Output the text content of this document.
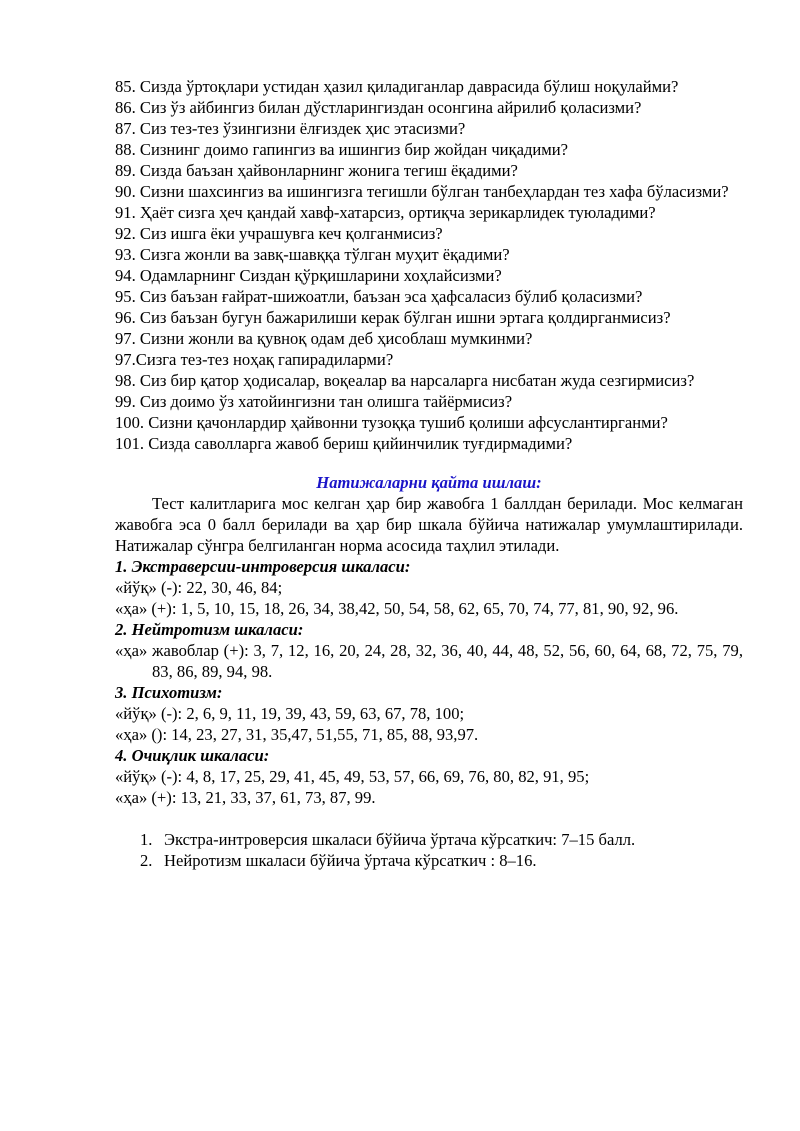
85. Сизда ўртоқлари устидан ҳазил қиладиганлар даврасида бўлиш ноқулайми?
86. Сиз ўз айбингиз билан дўстларингиздан осонгина айрилиб қоласизми?
87. Сиз тез-тез ўзингизни ёлғиздек ҳис этасизми?
88. Сизнинг доимо гапингиз ва ишингиз бир жойдан чиқадими?
89. Сизда баъзан ҳайвонларнинг жонига тегиш ёқадими?
90. Сизни шахсингиз ва ишингизга тегишли бўлган танбеҳлардан тез хафа бўласизми?
91. Ҳаёт сизга ҳеч қандай хавф-хатарсиз, ортиқча зерикарлидек туюладими?
92. Сиз ишга ёки учрашувга кеч қолганмисиз?
93. Сизга жонли ва завқ-шавққа тўлган муҳит ёқадими?
94. Одамларнинг Сиздан қўрқишларини хоҳлайсизми?
95. Сиз баъзан ғайрат-шижоатли, баъзан эса ҳафсаласиз бўлиб қоласизми?
96. Сиз баъзан бугун бажарилиши керак бўлган ишни эртага қолдирганмисиз?
97. Сизни жонли ва қувноқ одам деб ҳисоблаш мумкинми?
97.Сизга тез-тез ноҳақ гапирадиларми?
98. Сиз бир қатор ҳодисалар, воқеалар ва нарсаларга нисбатан жуда сезгирмисиз?
99. Сиз доимо ўз хатойингизни тан олишга тайёрмисиз?
100. Сизни қачонлардир ҳайвонни тузоққа тушиб қолиши афсуслантирганми?
101. Сизда саволларга жавоб бериш қийинчилик туғдирмадими?
Натижаларни қайта ишлаш:
Тест калитларига мос келган ҳар бир жавобга 1 баллдан берилади. Мос келмаган жавобга эса 0 балл берилади ва ҳар бир шкала бўйича натижалар умумлаштирилади. Натижалар сўнгра белгиланган норма асосида таҳлил этилади.
1. Экстраверсии-интроверсия шкаласи:
«йўқ» (-): 22, 30, 46, 84;
«ҳа» (+): 1, 5, 10, 15, 18, 26, 34, 38,42, 50, 54, 58, 62, 65, 70, 74, 77, 81, 90, 92, 96.
2. Нейтротизм шкаласи:
«ҳа» жавоблар (+): 3, 7, 12, 16, 20, 24, 28, 32, 36, 40, 44, 48, 52, 56, 60, 64, 68, 72, 75, 79, 83, 86, 89, 94, 98.
3. Психотизм:
«йўқ» (-): 2, 6, 9, 11, 19, 39, 43, 59, 63, 67, 78, 100;
«ҳа» (): 14, 23, 27, 31, 35,47, 51,55, 71, 85, 88, 93,97.
4. Очиқлик шкаласи:
«йўқ» (-): 4, 8, 17, 25, 29, 41, 45, 49, 53, 57, 66, 69, 76, 80, 82, 91, 95;
«ҳа» (+): 13, 21, 33, 37, 61, 73, 87, 99.
1. Экстра-интроверсия шкаласи бўйича ўртача кўрсаткич: 7–15 балл.
2. Нейротизм шкаласи бўйича ўртача кўрсаткич : 8–16.
